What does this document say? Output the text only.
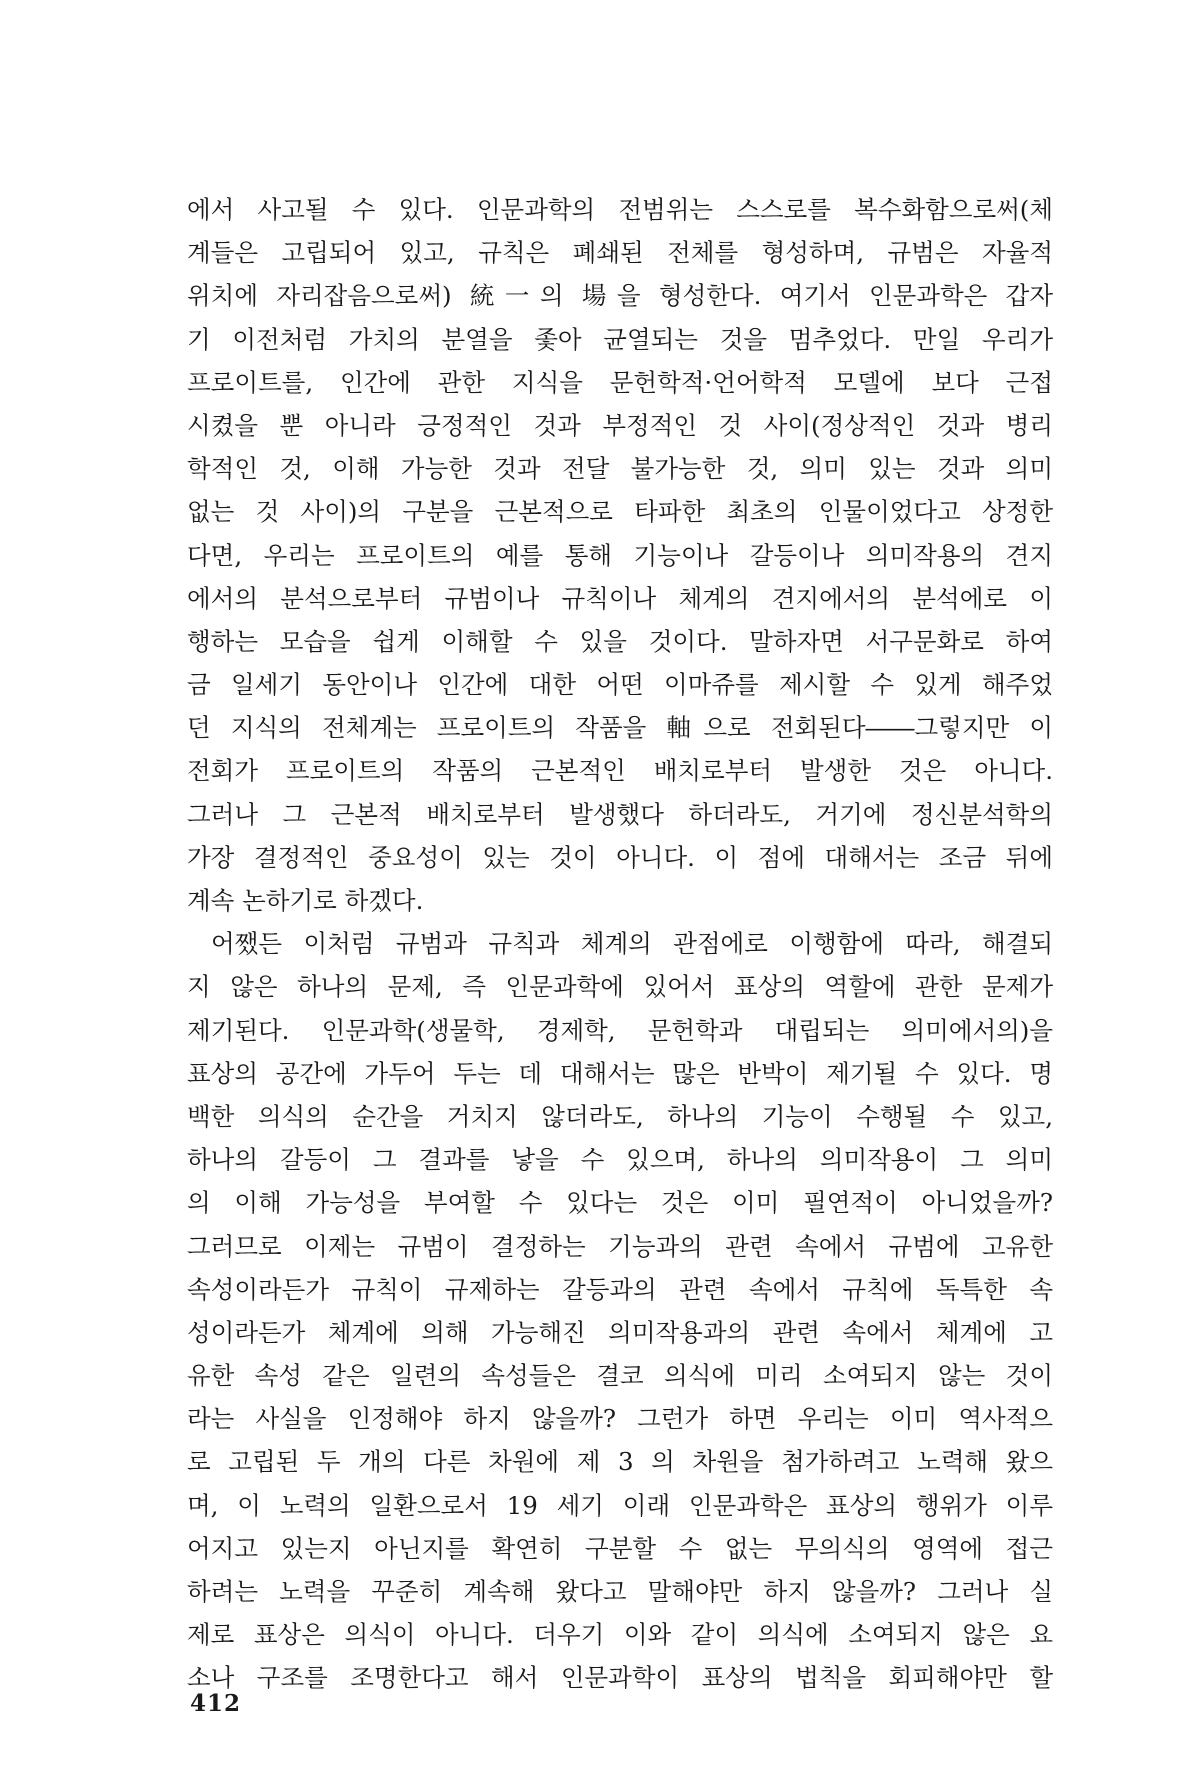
에서 사고될 수 있다. 인문과학의 전범위는 스스로를 복수화함으로써(체
계들은 고립되어 있고, 규칙은 폐쇄된 전체를 형성하며, 규범은 자율적
위치에 자리잡음으로써) 統一의 場을 형성한다. 여기서 인문과학은 갑자
기 이전처럼 가치의 분열을 좇아 균열되는 것을 멈추었다. 만일 우리가
프로이트를, 인간에 관한 지식을 문헌학적·언어학적 모델에 보다 근접
시켰을 뿐 아니라 긍정적인 것과 부정적인 것 사이(정상적인 것과 병리
학적인 것, 이해 가능한 것과 전달 불가능한 것, 의미 있는 것과 의미
없는 것 사이)의 구분을 근본적으로 타파한 최초의 인물이었다고 상정한
다면, 우리는 프로이트의 예를 통해 기능이나 갈등이나 의미작용의 견지
에서의 분석으로부터 규범이나 규칙이나 체계의 견지에서의 분석에로 이
행하는 모습을 쉽게 이해할 수 있을 것이다. 말하자면 서구문화로 하여
금 일세기 동안이나 인간에 대한 어떤 이마쥬를 제시할 수 있게 해주었
던 지식의 전체계는 프로이트의 작품을 軸으로 전회된다――그렇지만 이
전회가 프로이트의 작품의 근본적인 배치로부터 발생한 것은 아니다.
그러나 그 근본적 배치로부터 발생했다 하더라도, 거기에 정신분석학의
가장 결정적인 중요성이 있는 것이 아니다. 이 점에 대해서는 조금 뒤에
계속 논하기로 하겠다.
어쨌든 이처럼 규범과 규칙과 체계의 관점에로 이행함에 따라, 해결되
지 않은 하나의 문제, 즉 인문과학에 있어서 표상의 역할에 관한 문제가
제기된다. 인문과학(생물학, 경제학, 문헌학과 대립되는 의미에서의)을
표상의 공간에 가두어 두는 데 대해서는 많은 반박이 제기될 수 있다. 명
백한 의식의 순간을 거치지 않더라도, 하나의 기능이 수행될 수 있고,
하나의 갈등이 그 결과를 낳을 수 있으며, 하나의 의미작용이 그 의미
의 이해 가능성을 부여할 수 있다는 것은 이미 필연적이 아니었을까?
그러므로 이제는 규범이 결정하는 기능과의 관련 속에서 규범에 고유한
속성이라든가 규칙이 규제하는 갈등과의 관련 속에서 규칙에 독특한 속
성이라든가 체계에 의해 가능해진 의미작용과의 관련 속에서 체계에 고
유한 속성 같은 일련의 속성들은 결코 의식에 미리 소여되지 않는 것이
라는 사실을 인정해야 하지 않을까? 그런가 하면 우리는 이미 역사적으
로 고립된 두 개의 다른 차원에 제 3 의 차원을 첨가하려고 노력해 왔으
며, 이 노력의 일환으로서 19 세기 이래 인문과학은 표상의 행위가 이루
어지고 있는지 아닌지를 확연히 구분할 수 없는 무의식의 영역에 접근
하려는 노력을 꾸준히 계속해 왔다고 말해야만 하지 않을까? 그러나 실
제로 표상은 의식이 아니다. 더우기 이와 같이 의식에 소여되지 않은 요
소나 구조를 조명한다고 해서 인문과학이 표상의 법칙을 회피해야만 할
412
